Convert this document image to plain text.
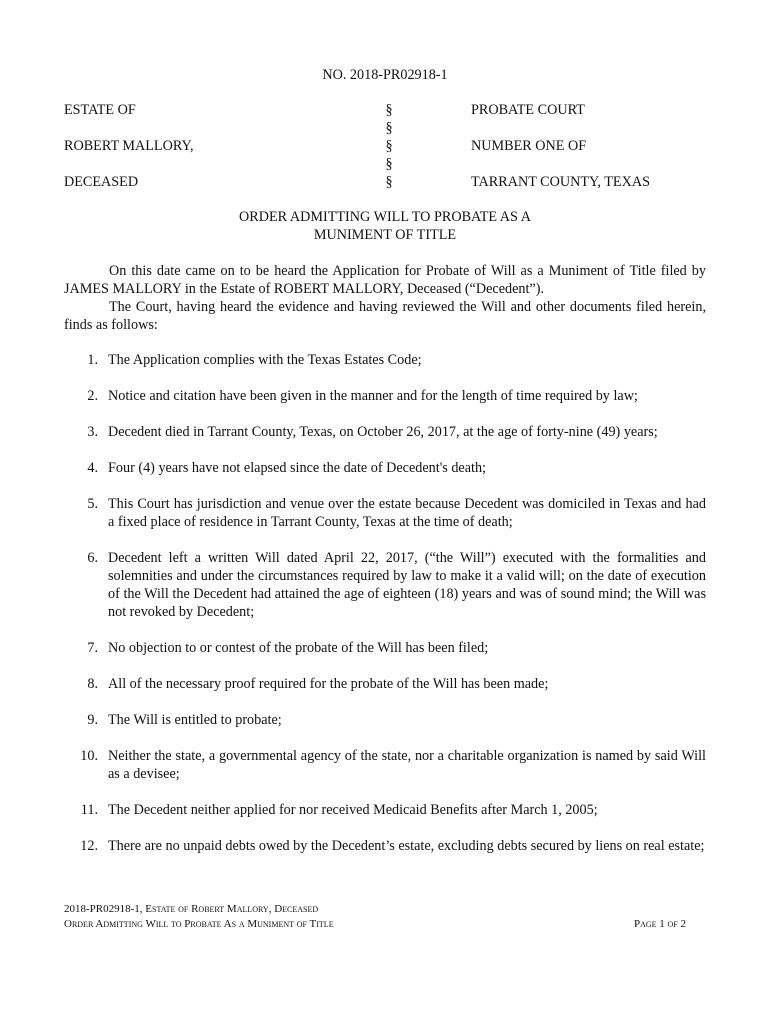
NO. 2018-PR02918-1
ESTATE OF
ROBERT MALLORY,
DECEASED
§
§
§
§
§
PROBATE COURT
NUMBER ONE OF
TARRANT COUNTY, TEXAS
ORDER ADMITTING WILL TO PROBATE AS A
MUNIMENT OF TITLE

On this date came on to be heard the Application for Probate of Will as a Muniment of Title filed by JAMES MALLORY in the Estate of ROBERT MALLORY, Deceased (“Decedent”).

The Court, having heard the evidence and having reviewed the Will and other documents filed herein, finds as follows:

1. The Application complies with the Texas Estates Code;
2. Notice and citation have been given in the manner and for the length of time required by law;
3. Decedent died in Tarrant County, Texas, on October 26, 2017, at the age of forty-nine (49) years;
4. Four (4) years have not elapsed since the date of Decedent's death;
5. This Court has jurisdiction and venue over the estate because Decedent was domiciled in Texas and had a fixed place of residence in Tarrant County, Texas at the time of death;
6. Decedent left a written Will dated April 22, 2017, (“the Will”) executed with the formalities and solemnities and under the circumstances required by law to make it a valid will; on the date of execution of the Will the Decedent had attained the age of eighteen (18) years and was of sound mind; the Will was not revoked by Decedent;
7. No objection to or contest of the probate of the Will has been filed;
8. All of the necessary proof required for the probate of the Will has been made;
9. The Will is entitled to probate;
10. Neither the state, a governmental agency of the state, nor a charitable organization is named by said Will as a devisee;
11. The Decedent neither applied for nor received Medicaid Benefits after March 1, 2005;
12. There are no unpaid debts owed by the Decedent’s estate, excluding debts secured by liens on real estate;
2018-PR02918-1, Estate of Robert Mallory, Deceased
Order Admitting Will to Probate As a Muniment of Title	Page 1 of 2
